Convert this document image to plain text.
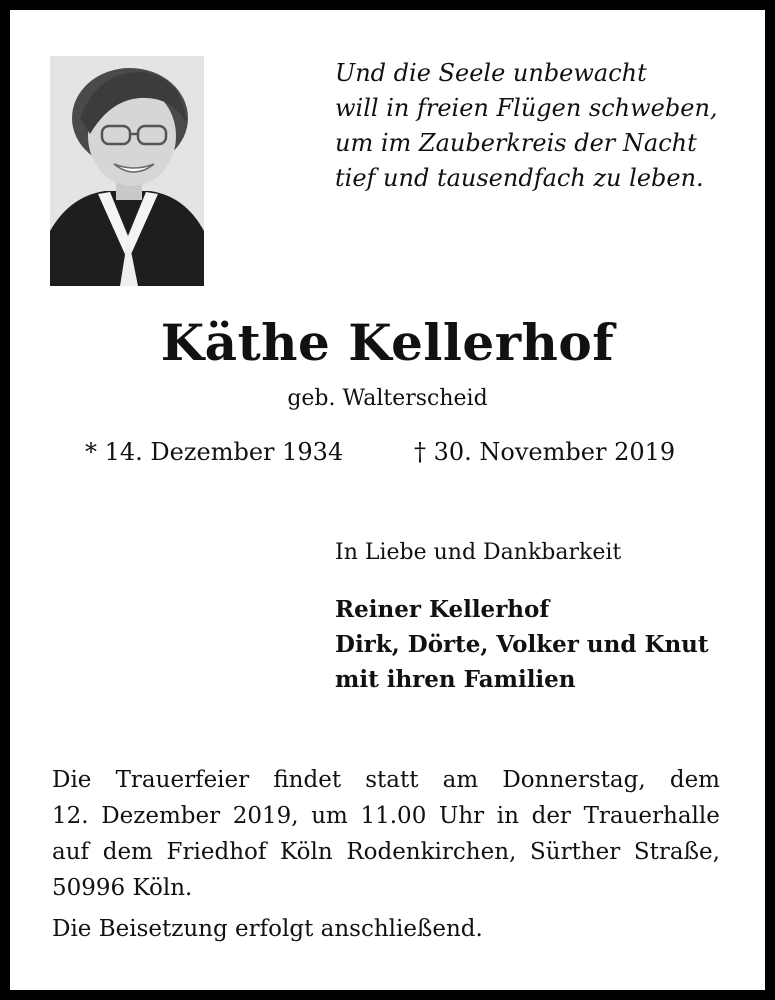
Und die Seele unbewacht
will in freien Flügen schweben,
um im Zauberkreis der Nacht
tief und tausendfach zu leben.
Käthe Kellerhof
geb. Walterscheid
* 14. Dezember 1934	† 30. November 2019
In Liebe und Dankbarkeit
Reiner Kellerhof
Dirk, Dörte, Volker und Knut
mit ihren Familien
Die Trauerfeier findet statt am Donnerstag, dem
12. Dezember 2019, um 11.00 Uhr in der Trauerhalle
auf dem Friedhof Köln Rodenkirchen, Sürther Straße,
50996 Köln.
Die Beisetzung erfolgt anschließend.
